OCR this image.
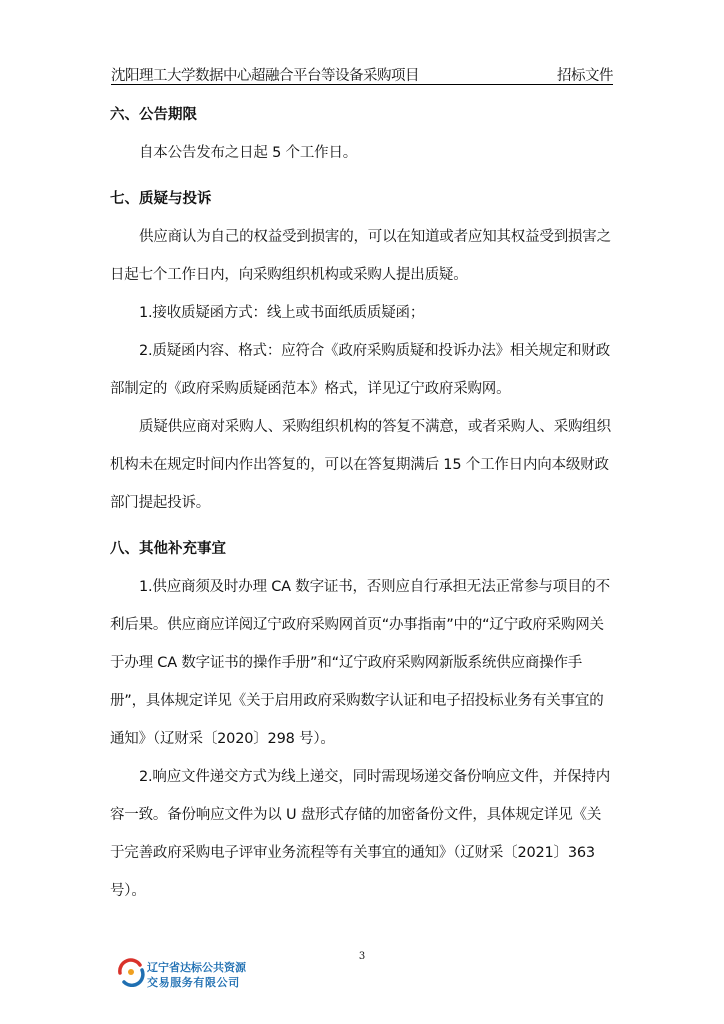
沈阳理工大学数据中心超融合平台等设备采购项目	招标文件

六、公告期限

自本公告发布之日起 5 个工作日。

七、质疑与投诉

供应商认为自己的权益受到损害的，可以在知道或者应知其权益受到损害之日起七个工作日内，向采购组织机构或采购人提出质疑。

1.接收质疑函方式：线上或书面纸质质疑函；

2.质疑函内容、格式：应符合《政府采购质疑和投诉办法》相关规定和财政部制定的《政府采购质疑函范本》格式，详见辽宁政府采购网。

质疑供应商对采购人、采购组织机构的答复不满意，或者采购人、采购组织机构未在规定时间内作出答复的，可以在答复期满后 15 个工作日内向本级财政部门提起投诉。

八、其他补充事宜

1.供应商须及时办理 CA 数字证书，否则应自行承担无法正常参与项目的不利后果。供应商应详阅辽宁政府采购网首页“办事指南”中的“辽宁政府采购网关于办理 CA 数字证书的操作手册”和“辽宁政府采购网新版系统供应商操作手册”，具体规定详见《关于启用政府采购数字认证和电子招投标业务有关事宜的通知》（辽财采〔2020〕298 号）。

2.响应文件递交方式为线上递交，同时需现场递交备份响应文件，并保持内容一致。备份响应文件为以 U 盘形式存储的加密备份文件，具体规定详见《关于完善政府采购电子评审业务流程等有关事宜的通知》（辽财采〔2021〕363 号）。

3
辽宁省达标公共资源
交易服务有限公司
